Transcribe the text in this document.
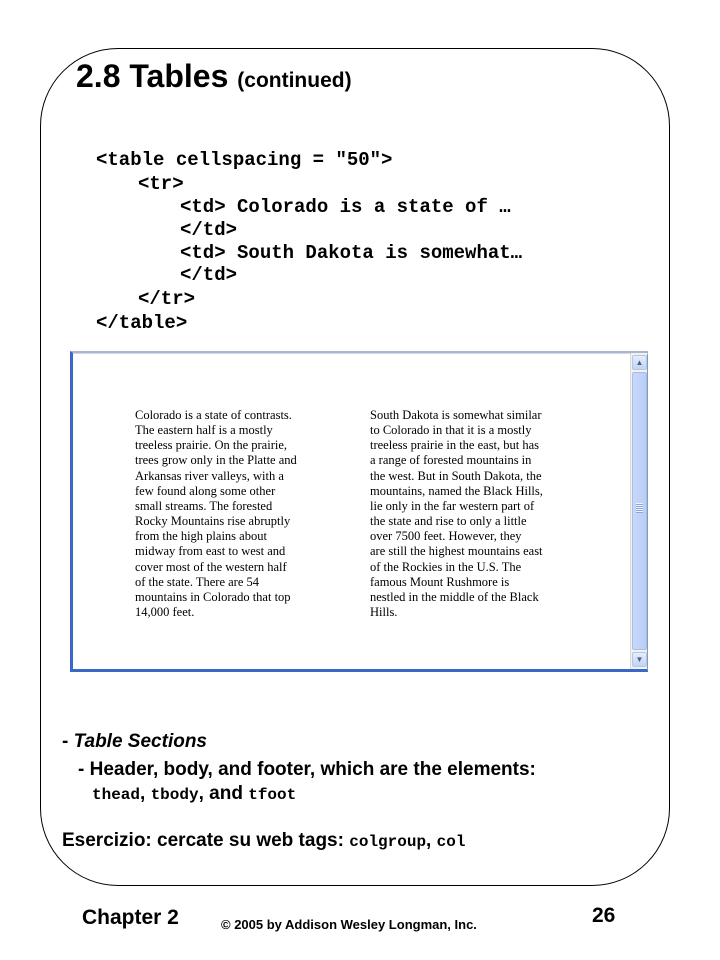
2.8 Tables (continued)
<table cellspacing = "50">
<tr>
<td> Colorado is a state of …
</td>
<td> South Dakota is somewhat…
</td>
</tr>
</table>
Colorado is a state of contrasts.
The eastern half is a mostly
treeless prairie. On the prairie,
trees grow only in the Platte and
Arkansas river valleys, with a
few found along some other
small streams. The forested
Rocky Mountains rise abruptly
from the high plains about
midway from east to west and
cover most of the western half
of the state. There are 54
mountains in Colorado that top
14,000 feet.
South Dakota is somewhat similar
to Colorado in that it is a mostly
treeless prairie in the east, but has
a range of forested mountains in
the west. But in South Dakota, the
mountains, named the Black Hills,
lie only in the far western part of
the state and rise to only a little
over 7500 feet. However, they
are still the highest mountains east
of the Rockies in the U.S. The
famous Mount Rushmore is
nestled in the middle of the Black
Hills.
▲
▼
- Table Sections
- Header, body, and footer, which are the elements:
thead, tbody, and tfoot
Esercizio: cercate su web tags: colgroup, col
Chapter 2	© 2005 by Addison Wesley Longman, Inc.	26
